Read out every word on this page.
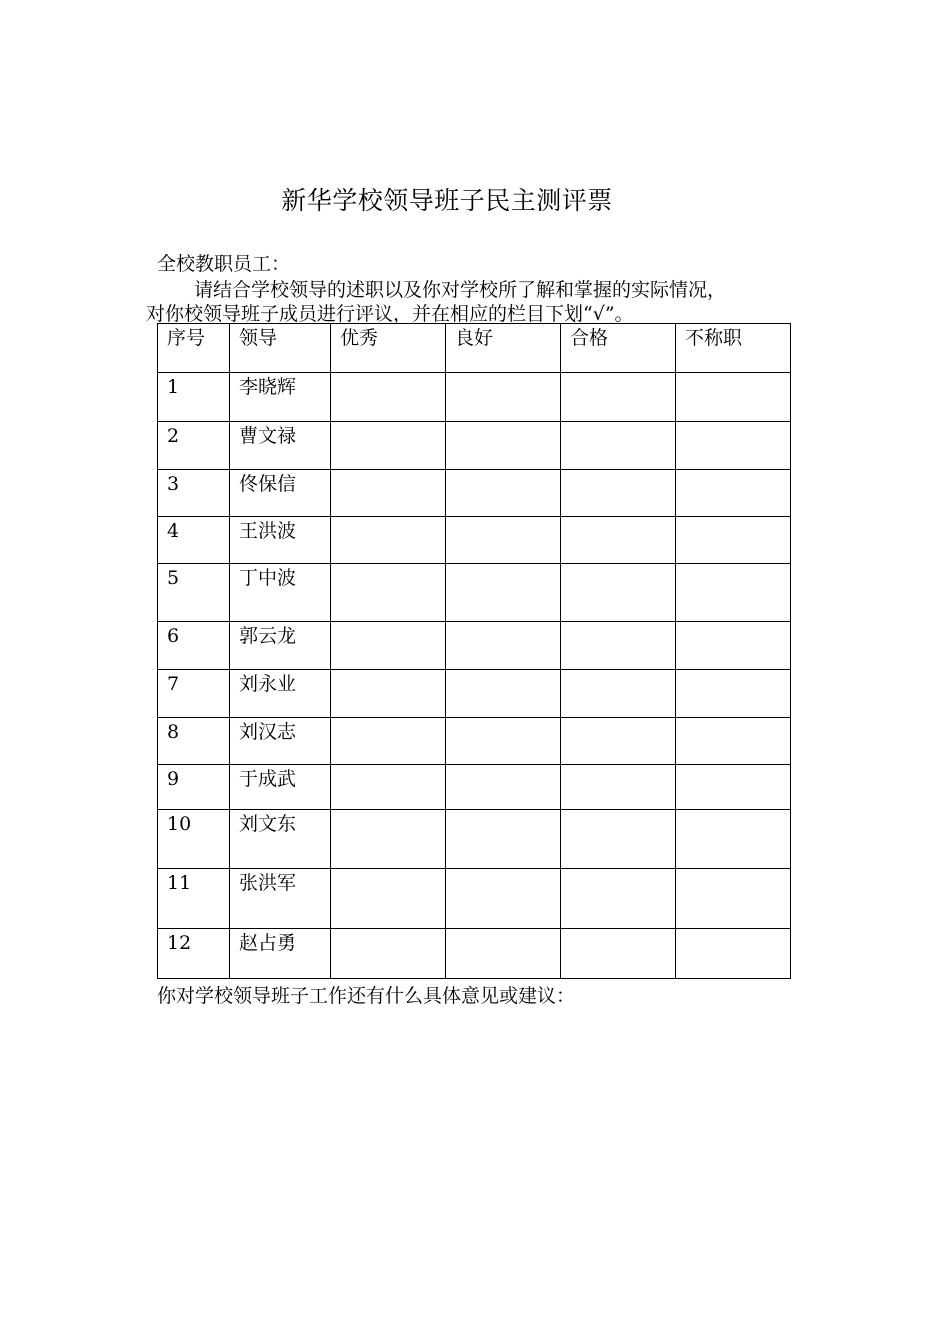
新华学校领导班子民主测评票
全校教职员工：
请结合学校领导的述职以及你对学校所了解和掌握的实际情况，
对你校领导班子成员进行评议，并在相应的栏目下划“√”。
序号	领导	优秀	良好	合格	不称职

1	李晓辉				

2	曹文禄				

3	佟保信				

4	王洪波				

5	丁中波				

6	郭云龙				

7	刘永业				

8	刘汉志				

9	于成武				

10	刘文东				

11	张洪军				

12	赵占勇				

你对学校领导班子工作还有什么具体意见或建议：
